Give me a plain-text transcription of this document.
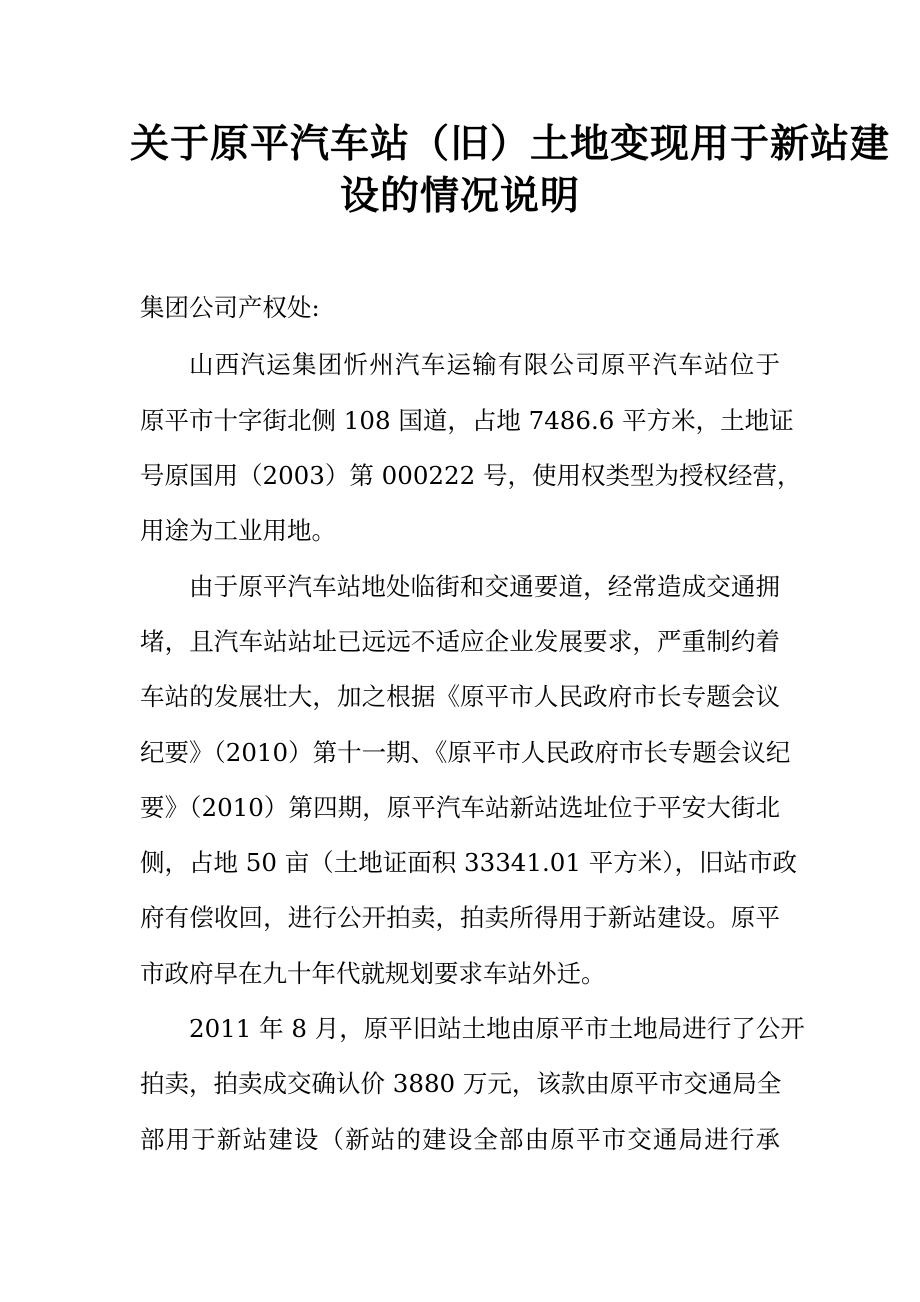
关于原平汽车站（旧）土地变现用于新站建
设的情况说明
集团公司产权处:
山西汽运集团忻州汽车运输有限公司原平汽车站位于
原平市十字街北侧 108 国道，占地 7486.6 平方米，土地证
号原国用（2003）第 000222 号，使用权类型为授权经营，
用途为工业用地。
由于原平汽车站地处临街和交通要道，经常造成交通拥
堵，且汽车站站址已远远不适应企业发展要求，严重制约着
车站的发展壮大，加之根据《原平市人民政府市长专题会议
纪要》（2010）第十一期、《原平市人民政府市长专题会议纪
要》（2010）第四期，原平汽车站新站选址位于平安大街北
侧，占地 50 亩（土地证面积 33341.01 平方米），旧站市政
府有偿收回，进行公开拍卖，拍卖所得用于新站建设。原平
市政府早在九十年代就规划要求车站外迁。
2011 年 8 月，原平旧站土地由原平市土地局进行了公开
拍卖，拍卖成交确认价 3880 万元，该款由原平市交通局全
部用于新站建设（新站的建设全部由原平市交通局进行承
